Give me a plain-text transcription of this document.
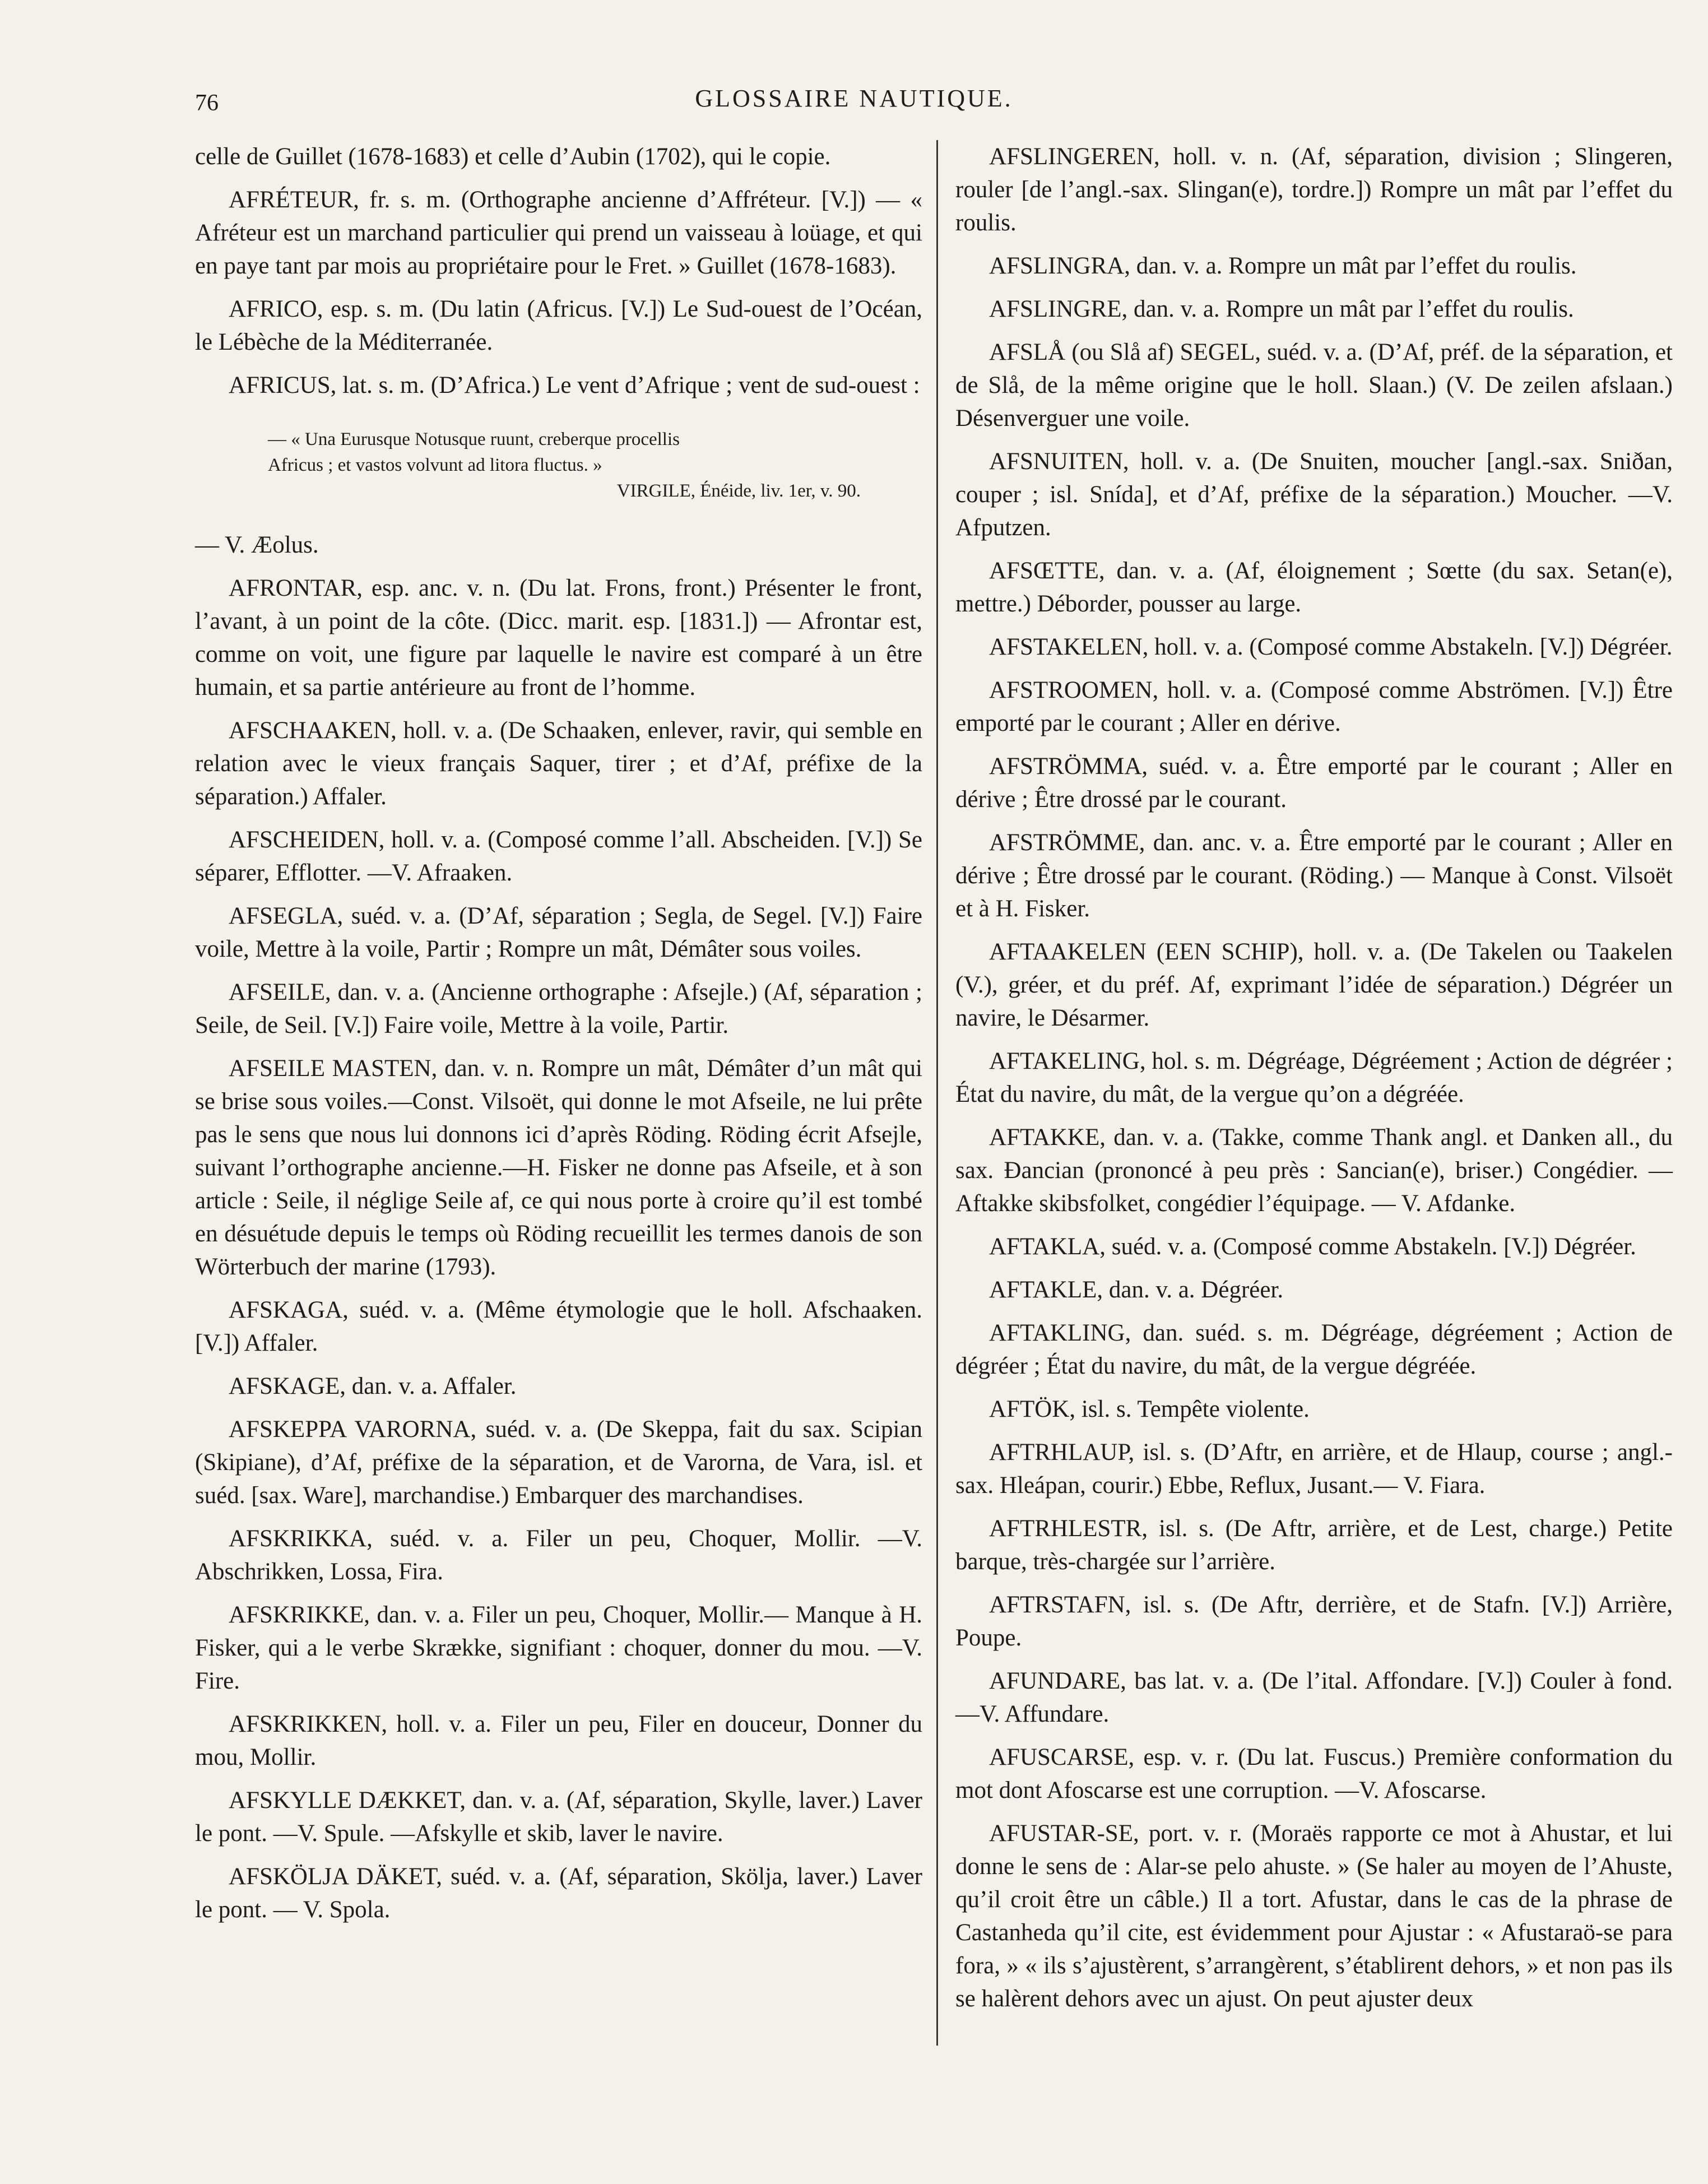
76	GLOSSAIRE NAUTIQUE.

celle de Guillet (1678-1683) et celle d’Aubin (1702), qui le copie.

AFRÉTEUR, fr. s. m. (Orthographe ancienne d’Affréteur. [V.]) — « Afréteur est un marchand particulier qui prend un vaisseau à loüage, et qui en paye tant par mois au propriétaire pour le Fret. » Guillet (1678-1683).

AFRICO, esp. s. m. (Du latin (Africus. [V.]) Le Sud-ouest de l’Océan, le Lébèche de la Méditerranée.

AFRICUS, lat. s. m. (D’Africa.) Le vent d’Afrique ; vent de sud-ouest :

— « Una Eurusque Notusque ruunt, creberque procellis
Africus ; et vastos volvunt ad litora fluctus. »
VIRGILE, Énéide, liv. 1er, v. 90.

— V. Æolus.

AFRONTAR, esp. anc. v. n. (Du lat. Frons, front.) Présenter le front, l’avant, à un point de la côte. (Dicc. marit. esp. [1831.]) — Afrontar est, comme on voit, une figure par laquelle le navire est comparé à un être humain, et sa partie antérieure au front de l’homme.

AFSCHAAKEN, holl. v. a. (De Schaaken, enlever, ravir, qui semble en relation avec le vieux français Saquer, tirer ; et d’Af, préfixe de la séparation.) Affaler.

AFSCHEIDEN, holl. v. a. (Composé comme l’all. Abscheiden. [V.]) Se séparer, Efflotter. —V. Afraaken.

AFSEGLA, suéd. v. a. (D’Af, séparation ; Segla, de Segel. [V.]) Faire voile, Mettre à la voile, Partir ; Rompre un mât, Démâter sous voiles.

AFSEILE, dan. v. a. (Ancienne orthographe : Afsejle.) (Af, séparation ; Seile, de Seil. [V.]) Faire voile, Mettre à la voile, Partir.

AFSEILE MASTEN, dan. v. n. Rompre un mât, Démâter d’un mât qui se brise sous voiles.—Const. Vilsoët, qui donne le mot Afseile, ne lui prête pas le sens que nous lui donnons ici d’après Röding. Röding écrit Afsejle, suivant l’orthographe ancienne.—H. Fisker ne donne pas Afseile, et à son article : Seile, il néglige Seile af, ce qui nous porte à croire qu’il est tombé en désuétude depuis le temps où Röding recueillit les termes danois de son Wörterbuch der marine (1793).

AFSKAGA, suéd. v. a. (Même étymologie que le holl. Afschaaken. [V.]) Affaler.

AFSKAGE, dan. v. a. Affaler.

AFSKEPPA VARORNA, suéd. v. a. (De Skeppa, fait du sax. Scipian (Skipiane), d’Af, préfixe de la séparation, et de Varorna, de Vara, isl. et suéd. [sax. Ware], marchandise.) Embarquer des marchandises.

AFSKRIKKA, suéd. v. a. Filer un peu, Choquer, Mollir. —V. Abschrikken, Lossa, Fira.

AFSKRIKKE, dan. v. a. Filer un peu, Choquer, Mollir.— Manque à H. Fisker, qui a le verbe Skrække, signifiant : choquer, donner du mou. —V. Fire.

AFSKRIKKEN, holl. v. a. Filer un peu, Filer en douceur, Donner du mou, Mollir.

AFSKYLLE DÆKKET, dan. v. a. (Af, séparation, Skylle, laver.) Laver le pont. —V. Spule. —Afskylle et skib, laver le navire.

AFSKÖLJA DÄKET, suéd. v. a. (Af, séparation, Skölja, laver.) Laver le pont. — V. Spola.

AFSLINGEREN, holl. v. n. (Af, séparation, division ; Slingeren, rouler [de l’angl.-sax. Slingan(e), tordre.]) Rompre un mât par l’effet du roulis.

AFSLINGRA, dan. v. a. Rompre un mât par l’effet du roulis.

AFSLINGRE, dan. v. a. Rompre un mât par l’effet du roulis.

AFSLÅ (ou Slå af) SEGEL, suéd. v. a. (D’Af, préf. de la séparation, et de Slå, de la même origine que le holl. Slaan.) (V. De zeilen afslaan.) Désenverguer une voile.

AFSNUITEN, holl. v. a. (De Snuiten, moucher [angl.-sax. Sniðan, couper ; isl. Snída], et d’Af, préfixe de la séparation.) Moucher. —V. Afputzen.

AFSŒTTE, dan. v. a. (Af, éloignement ; Sœtte (du sax. Setan(e), mettre.) Déborder, pousser au large.

AFSTAKELEN, holl. v. a. (Composé comme Abstakeln. [V.]) Dégréer.

AFSTROOMEN, holl. v. a. (Composé comme Abströmen. [V.]) Être emporté par le courant ; Aller en dérive.

AFSTRÖMMA, suéd. v. a. Être emporté par le courant ; Aller en dérive ; Être drossé par le courant.

AFSTRÖMME, dan. anc. v. a. Être emporté par le courant ; Aller en dérive ; Être drossé par le courant. (Röding.) — Manque à Const. Vilsoët et à H. Fisker.

AFTAAKELEN (EEN SCHIP), holl. v. a. (De Takelen ou Taakelen (V.), gréer, et du préf. Af, exprimant l’idée de séparation.) Dégréer un navire, le Désarmer.

AFTAKELING, hol. s. m. Dégréage, Dégréement ; Action de dégréer ; État du navire, du mât, de la vergue qu’on a dégréée.

AFTAKKE, dan. v. a. (Takke, comme Thank angl. et Danken all., du sax. Ðancian (prononcé à peu près : Sancian(e), briser.) Congédier. — Aftakke skibsfolket, congédier l’équipage. — V. Afdanke.

AFTAKLA, suéd. v. a. (Composé comme Abstakeln. [V.]) Dégréer.

AFTAKLE, dan. v. a. Dégréer.

AFTAKLING, dan. suéd. s. m. Dégréage, dégréement ; Action de dégréer ; État du navire, du mât, de la vergue dégréée.

AFTÖK, isl. s. Tempête violente.

AFTRHLAUP, isl. s. (D’Aftr, en arrière, et de Hlaup, course ; angl.-sax. Hleápan, courir.) Ebbe, Reflux, Jusant.— V. Fiara.

AFTRHLESTR, isl. s. (De Aftr, arrière, et de Lest, charge.) Petite barque, très-chargée sur l’arrière.

AFTRSTAFN, isl. s. (De Aftr, derrière, et de Stafn. [V.]) Arrière, Poupe.

AFUNDARE, bas lat. v. a. (De l’ital. Affondare. [V.]) Couler à fond. —V. Affundare.

AFUSCARSE, esp. v. r. (Du lat. Fuscus.) Première conformation du mot dont Afoscarse est une corruption. —V. Afoscarse.

AFUSTAR-SE, port. v. r. (Moraës rapporte ce mot à Ahustar, et lui donne le sens de : Alar-se pelo ahuste. » (Se haler au moyen de l’Ahuste, qu’il croit être un câble.) Il a tort. Afustar, dans le cas de la phrase de Castanheda qu’il cite, est évidemment pour Ajustar : « Afustaraö-se para fora, » « ils s’ajustèrent, s’arrangèrent, s’établirent dehors, » et non pas ils se halèrent dehors avec un ajust. On peut ajuster deux
